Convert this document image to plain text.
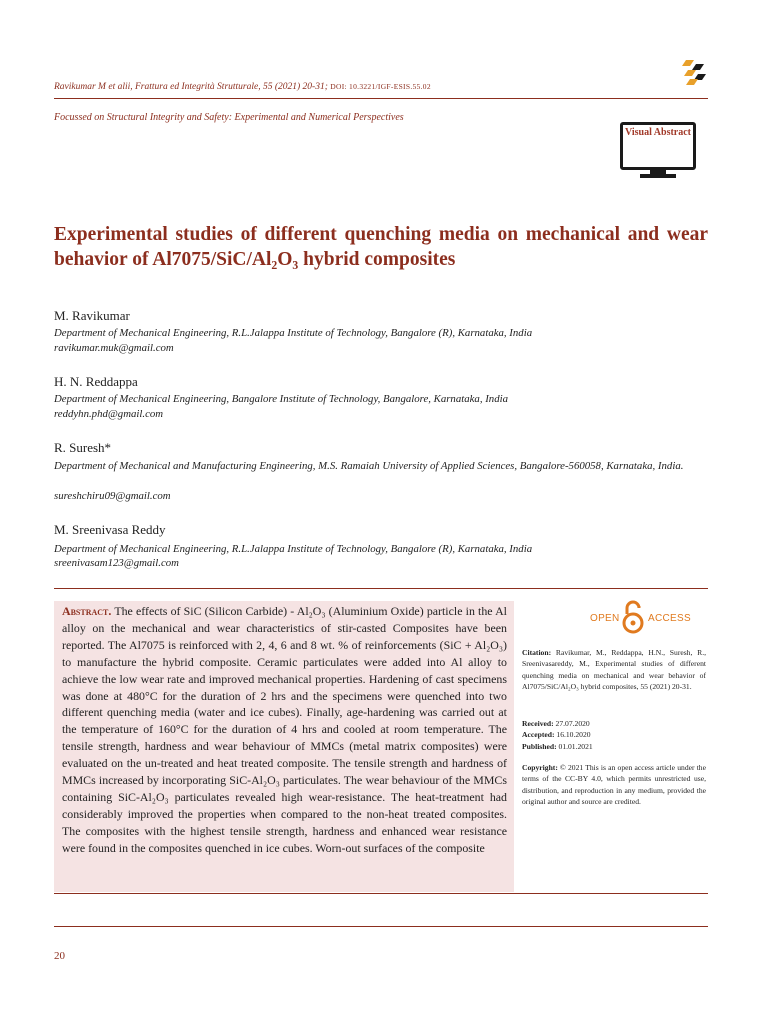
Ravikumar M et alii, Frattura ed Integrità Strutturale, 55 (2021) 20-31; DOI: 10.3221/IGF-ESIS.55.02
Focussed on Structural Integrity and Safety: Experimental and Numerical Perspectives
Visual Abstract
Experimental studies of different quenching media on mechanical and wear behavior of Al7075/SiC/Al₂O₃ hybrid composites
M. Ravikumar
Department of Mechanical Engineering, R.L.Jalappa Institute of Technology, Bangalore (R), Karnataka, India
ravikumar.muk@gmail.com
H. N. Reddappa
Department of Mechanical Engineering, Bangalore Institute of Technology, Bangalore, Karnataka, India
reddyhn.phd@gmail.com
R. Suresh*
Department of Mechanical and Manufacturing Engineering, M.S. Ramaiah University of Applied Sciences, Bangalore-560058, Karnataka, India.
sureshchiru09@gmail.com
M. Sreenivasa Reddy
Department of Mechanical Engineering, R.L.Jalappa Institute of Technology, Bangalore (R), Karnataka, India
sreenivasam123@gmail.com
Abstract. The effects of SiC (Silicon Carbide) - Al₂O₃ (Aluminium Oxide) particle in the Al alloy on the mechanical and wear characteristics of stir-casted Composites have been reported. The Al7075 is reinforced with 2, 4, 6 and 8 wt. % of reinforcements (SiC + Al₂O₃) to manufacture the hybrid composite. Ceramic particulates were added into Al alloy to achieve the low wear rate and improved mechanical properties. Hardening of cast specimens was done at 480°C for the duration of 2 hrs and the specimens were quenched into two different quenching media (water and ice cubes). Finally, age-hardening was carried out at the temperature of 160°C for the duration of 4 hrs and cooled at room temperature. The tensile strength, hardness and wear behaviour of MMCs (metal matrix composites) were evaluated on the un-treated and heat treated composite. The tensile strength and hardness of MMCs increased by incorporating SiC-Al₂O₃ particulates. The wear behaviour of the MMCs containing SiC-Al₂O₃ particulates revealed high wear-resistance. The heat-treatment had considerably improved the properties when compared to the non-heat treated composites. The composites with the highest tensile strength, hardness and enhanced wear resistance were found in the composites quenched in ice cubes. Worn-out surfaces of the composite
OPEN	ACCESS
Citation: Ravikumar, M., Reddappa, H.N., Suresh, R., Sreenivasareddy, M., Experimental studies of different quenching media on mechanical and wear behavior of Al7075/SiC/Al₂O₃ hybrid composites, 55 (2021) 20-31.
Received: 27.07.2020
Accepted: 16.10.2020
Published: 01.01.2021
Copyright: © 2021 This is an open access article under the terms of the CC-BY 4.0, which permits unrestricted use, distribution, and reproduction in any medium, provided the original author and source are credited.
20
